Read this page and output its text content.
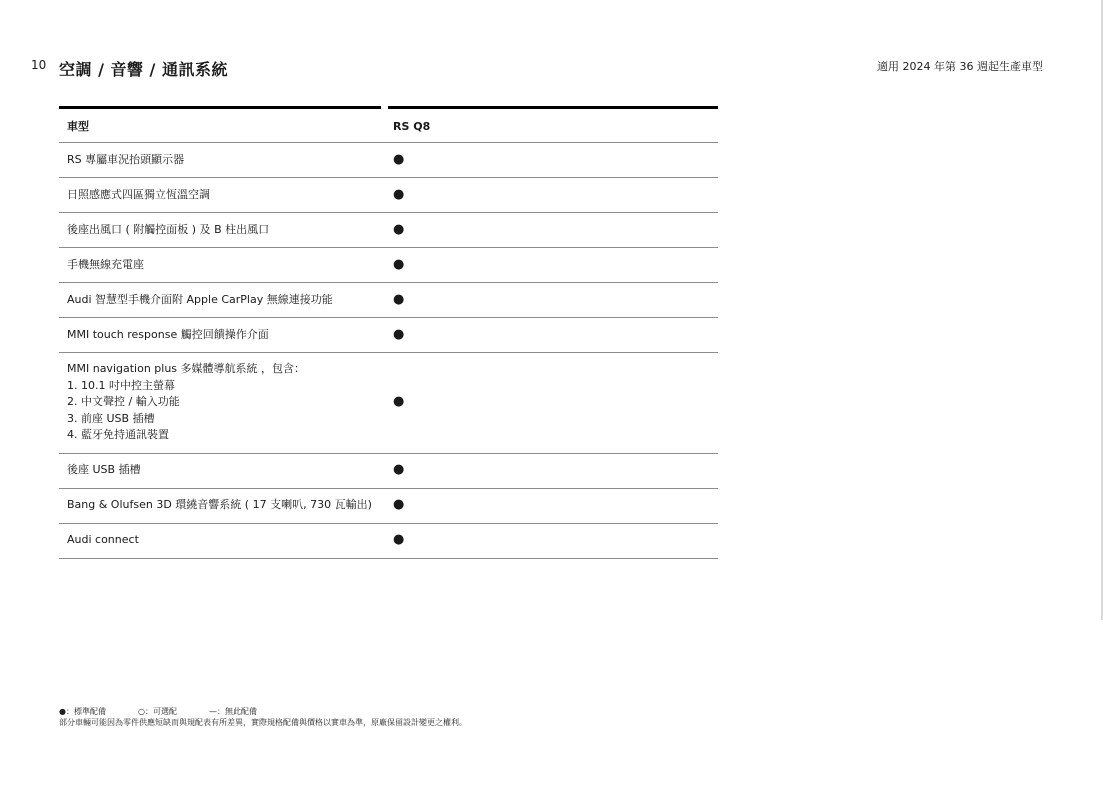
10 空調 / 音響 / 通訊系統	適用 2024 年第 36 週起生產車型
車型	RS Q8
RS 專屬車況抬頭顯示器	●
日照感應式四區獨立恆溫空調	●
後座出風口 ( 附觸控面板 ) 及 B 柱出風口	●
手機無線充電座	●
Audi 智慧型手機介面附 Apple CarPlay 無線連接功能	●
MMI touch response 觸控回饋操作介面	●
MMI navigation plus 多媒體導航系統 ，包含：
1. 10.1 吋中控主螢幕
2. 中文聲控 / 輸入功能
3. 前座 USB 插槽
4. 藍牙免持通訊裝置
●
後座 USB 插槽	●
Bang & Olufsen 3D 環繞音響系統 ( 17 支喇叭, 730 瓦輸出)	●
Audi connect	●
●：標準配備	○：可選配	—：無此配備
部分車輛可能因為零件供應短缺而與規配表有所差異，實際規格配備與價格以實車為準，原廠保留設計變更之權利。
